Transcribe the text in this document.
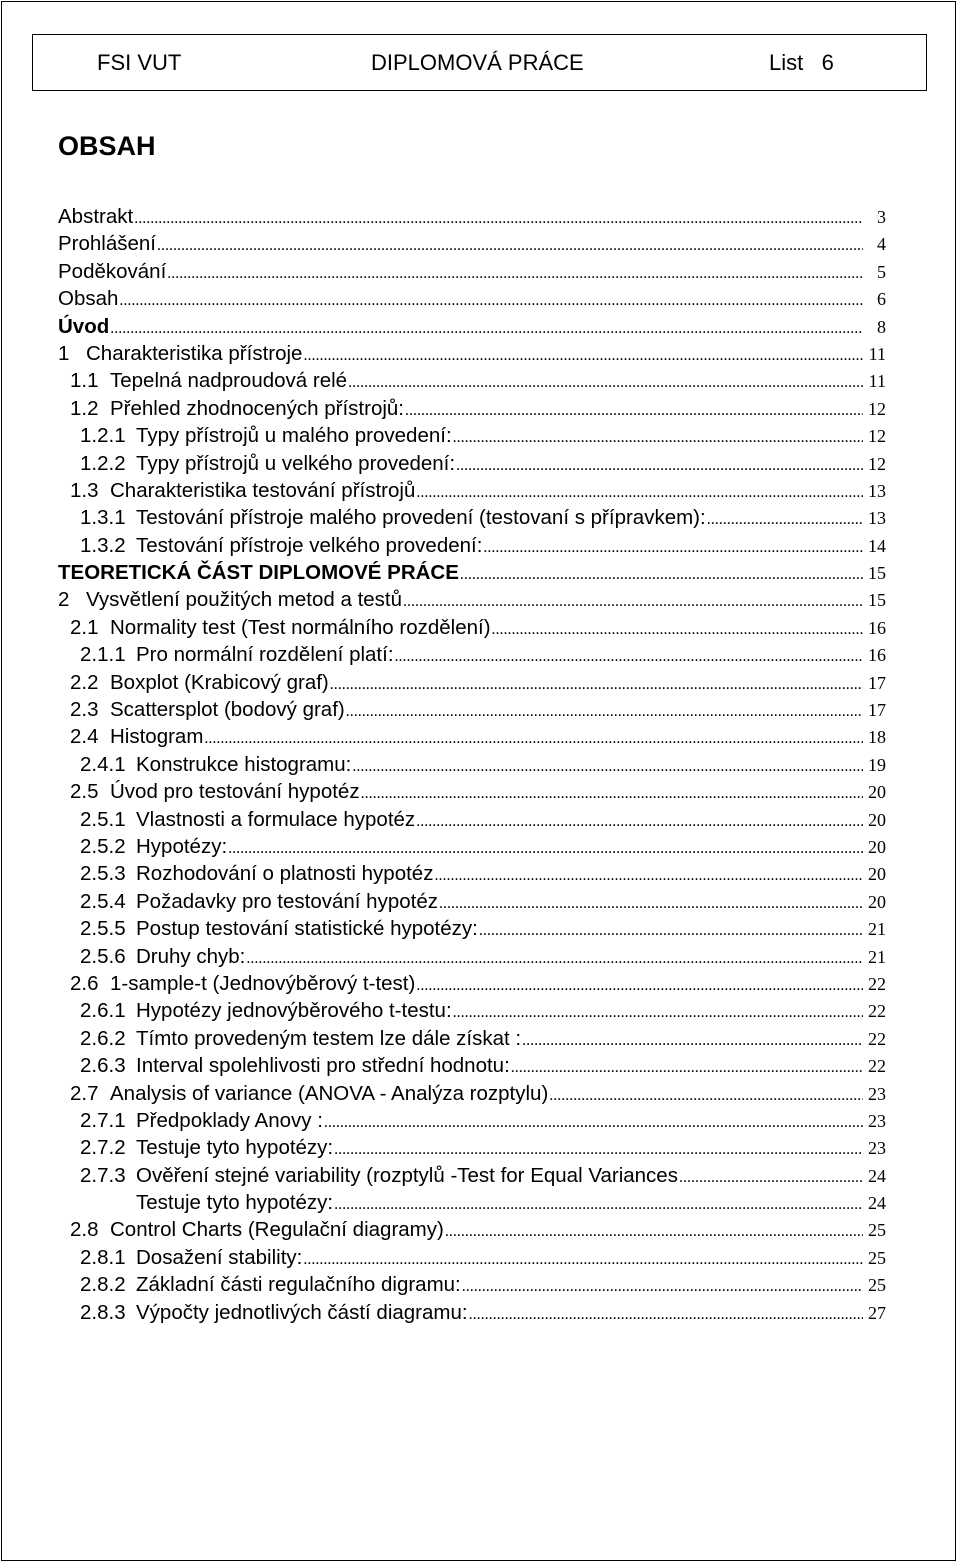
FSI VUT	DIPLOMOVÁ PRÁCE	List   6
OBSAH
Abstrakt .....	3
Prohlášení .....	4
Poděkování .....	5
Obsah .....	6
Úvod .....	8
1 Charakteristika přístroje .....	11
1.1 Tepelná nadproudová relé .....	11
1.2 Přehled zhodnocených přístrojů: .....	12
1.2.1 Typy přístrojů u malého provedení: .....	12
1.2.2 Typy přístrojů u velkého provedení: .....	12
1.3 Charakteristika testování přístrojů .....	13
1.3.1 Testování přístroje malého provedení (testovaní s přípravkem): .....	13
1.3.2 Testování přístroje velkého provedení: .....	14
TEORETICKÁ ČÁST DIPLOMOVÉ PRÁCE .....	15
2 Vysvětlení použitých metod a testů .....	15
2.1 Normality test (Test normálního rozdělení) .....	16
2.1.1 Pro normální rozdělení platí: .....	16
2.2 Boxplot (Krabicový graf) .....	17
2.3 Scattersplot (bodový graf) .....	17
2.4 Histogram .....	18
2.4.1 Konstrukce histogramu: .....	19
2.5 Úvod pro testování hypotéz .....	20
2.5.1 Vlastnosti a formulace hypotéz .....	20
2.5.2 Hypotézy: .....	20
2.5.3 Rozhodování o platnosti hypotéz .....	20
2.5.4 Požadavky pro testování hypotéz .....	20
2.5.5 Postup testování statistické hypotézy: .....	21
2.5.6 Druhy chyb: .....	21
2.6 1-sample-t (Jednovýběrový t-test) .....	22
2.6.1 Hypotézy jednovýběrového t-testu: .....	22
2.6.2 Tímto provedeným testem lze dále získat : .....	22
2.6.3 Interval spolehlivosti pro střední hodnotu: .....	22
2.7 Analysis of variance (ANOVA - Analýza rozptylu) .....	23
2.7.1 Předpoklady Anovy : .....	23
2.7.2 Testuje tyto hypotézy: .....	23
2.7.3 Ověření stejné variability (rozptylů -Test for Equal Variances .....	24
Testuje tyto hypotézy: .....	24
2.8 Control Charts (Regulační diagramy) .....	25
2.8.1 Dosažení stability: .....	25
2.8.2 Základní části regulačního digramu: .....	25
2.8.3 Výpočty jednotlivých částí diagramu: .....	27
